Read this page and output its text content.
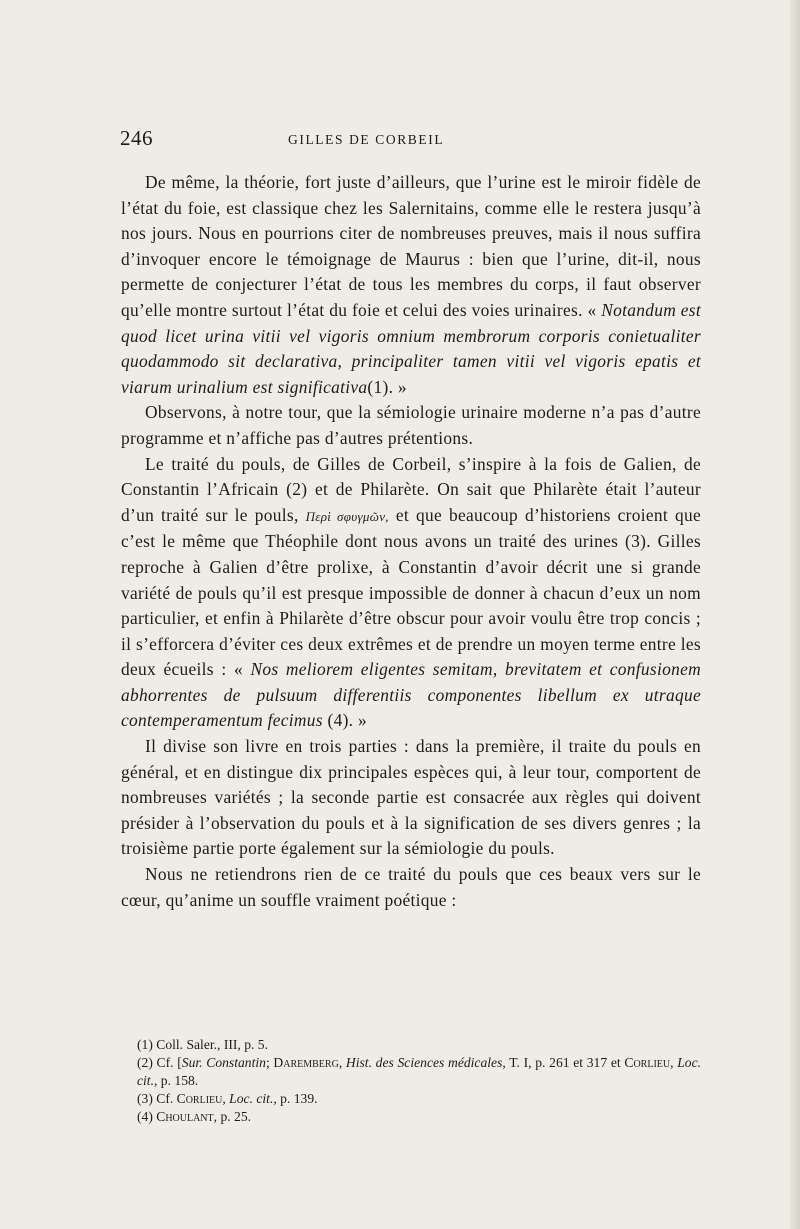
246	GILLES DE CORBEIL

De même, la théorie, fort juste d’ailleurs, que l’urine est le miroir fidèle de l’état du foie, est classique chez les Salernitains, comme elle le restera jusqu’à nos jours. Nous en pourrions citer de nombreuses preuves, mais il nous suffira d’invoquer encore le témoignage de Maurus : bien que l’urine, dit-il, nous permette de conjecturer l’état de tous les membres du corps, il faut observer qu’elle montre surtout l’état du foie et celui des voies urinaires. « Notandum est quod licet urina vitii vel vigoris omnium membrorum corporis conietualiter quodammodo sit declarativa, principaliter tamen vitii vel vigoris epatis et viarum urinalium est significativa(1). »

Observons, à notre tour, que la sémiologie urinaire moderne n’a pas d’autre programme et n’affiche pas d’autres prétentions.

Le traité du pouls, de Gilles de Corbeil, s’inspire à la fois de Galien, de Constantin l’Africain (2) et de Philarète. On sait que Philarète était l’auteur d’un traité sur le pouls, Περὶ σφυγμῶν, et que beaucoup d’historiens croient que c’est le même que Théophile dont nous avons un traité des urines (3). Gilles reproche à Galien d’être prolixe, à Constantin d’avoir décrit une si grande variété de pouls qu’il est presque impossible de donner à chacun d’eux un nom particulier, et enfin à Philarète d’être obscur pour avoir voulu être trop concis ; il s’efforcera d’éviter ces deux extrêmes et de prendre un moyen terme entre les deux écueils : « Nos meliorem eligentes semitam, brevitatem et confusionem abhorrentes de pulsuum differentiis componentes libellum ex utraque contemperamentum fecimus (4). »

Il divise son livre en trois parties : dans la première, il traite du pouls en général, et en distingue dix principales espèces qui, à leur tour, comportent de nombreuses variétés ; la seconde partie est consacrée aux règles qui doivent présider à l’observation du pouls et à la signification de ses divers genres ; la troisième partie porte également sur la sémiologie du pouls.

Nous ne retiendrons rien de ce traité du pouls que ces beaux vers sur le cœur, qu’anime un souffle vraiment poétique :

(1) Coll. Saler., III, p. 5.

(2) Cf. [Sur. Constantin; Daremberg, Hist. des Sciences médicales, T. I, p. 261 et 317 et Corlieu, Loc. cit., p. 158.

(3) Cf. Corlieu, Loc. cit., p. 139.

(4) Choulant, p. 25.
